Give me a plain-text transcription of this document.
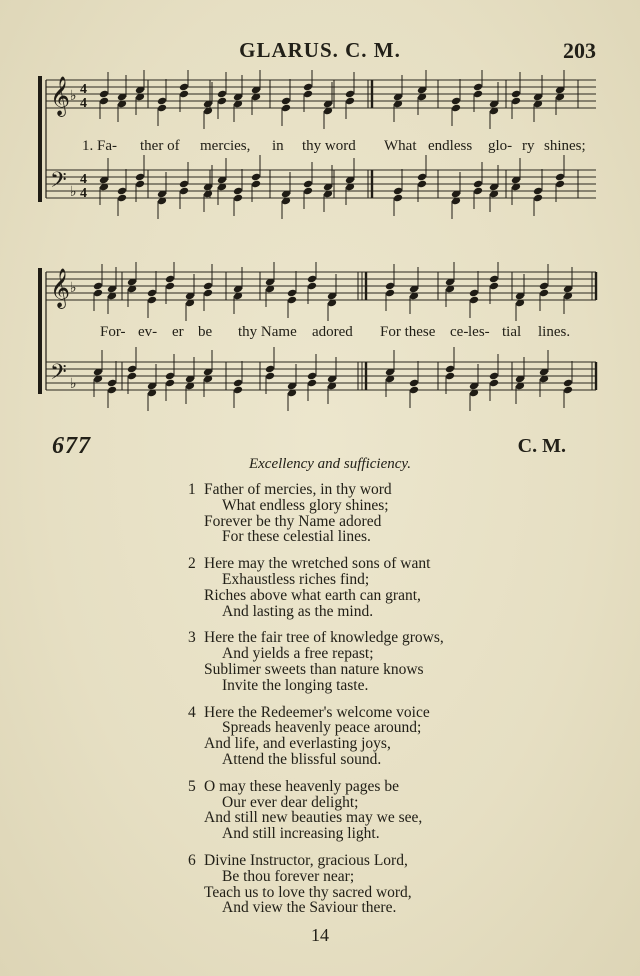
GLARUS. C. M.	203
𝄞
𝄢
♭
♭
4
4
4
4
1. Fa- ther of mercies, in thy word What endless glo- ry shines;
𝄞
𝄢
♭
♭
For- ev- er be thy Name adored For these ce- les- tial lines.
677	C. M.
Excellency and sufficiency.
1 Father of mercies, in thy word
What endless glory shines;
Forever be thy Name adored
For these celestial lines.
2 Here may the wretched sons of want
Exhaustless riches find;
Riches above what earth can grant,
And lasting as the mind.
3 Here the fair tree of knowledge grows,
And yields a free repast;
Sublimer sweets than nature knows
Invite the longing taste.
4 Here the Redeemer's welcome voice
Spreads heavenly peace around;
And life, and everlasting joys,
Attend the blissful sound.
5 O may these heavenly pages be
Our ever dear delight;
And still new beauties may we see,
And still increasing light.
6 Divine Instructor, gracious Lord,
Be thou forever near;
Teach us to love thy sacred word,
And view the Saviour there.
14
